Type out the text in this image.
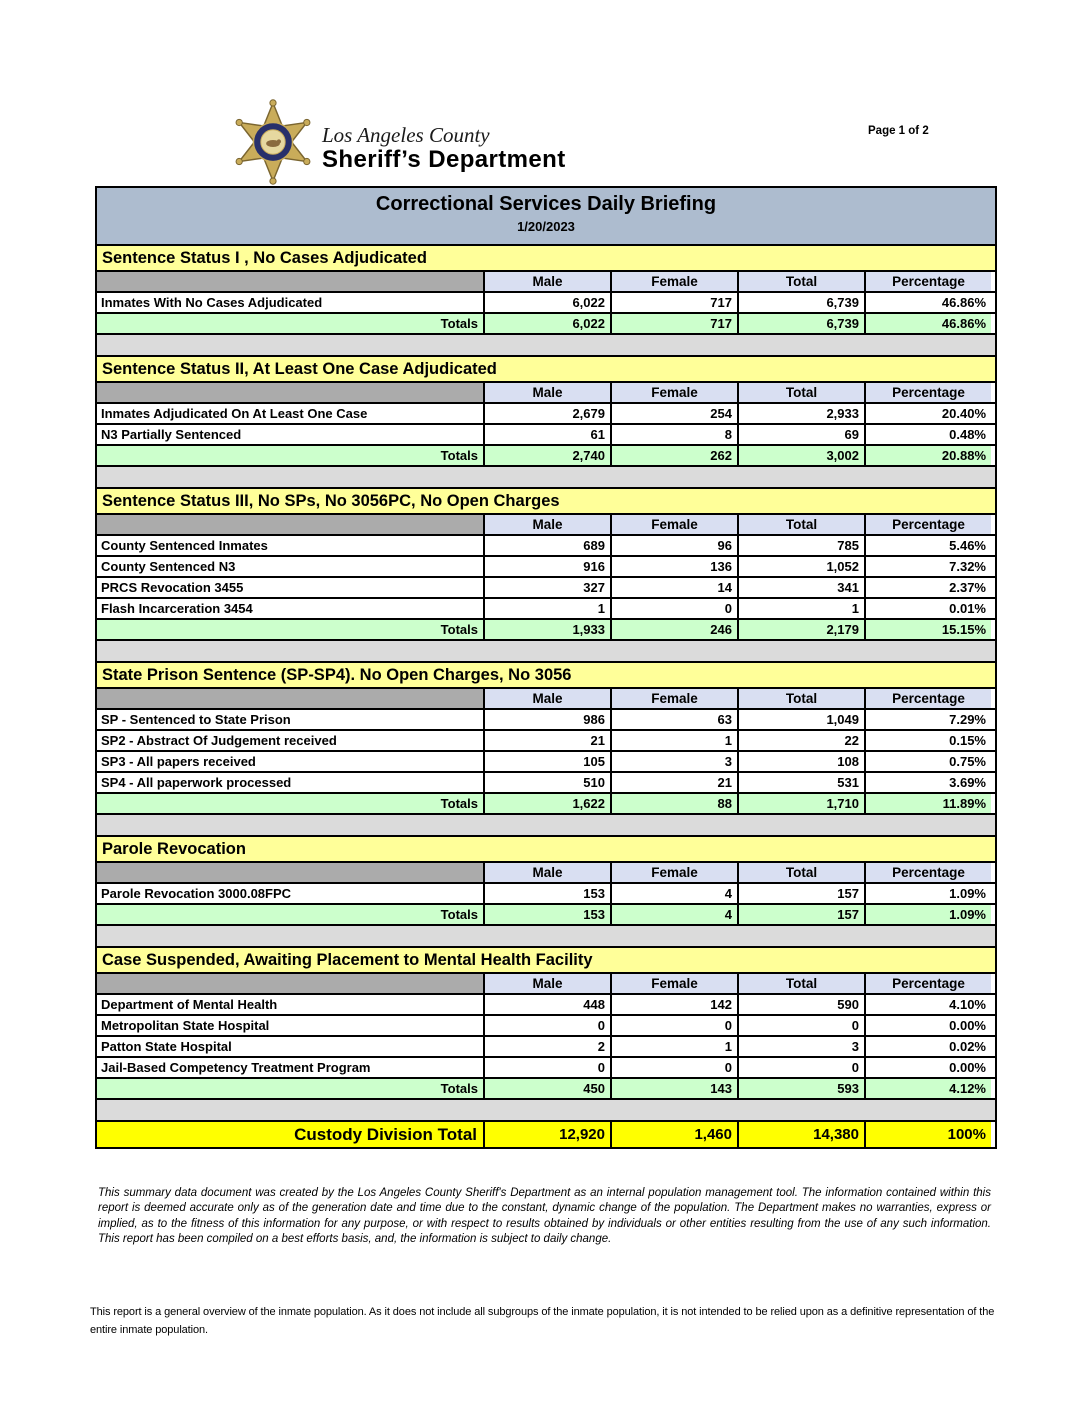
Los Angeles County
Sheriff’s Department
Page 1 of 2
Correctional Services Daily Briefing
1/20/2023
Sentence Status I , No Cases Adjudicated
Male	Female	Total	Percentage
Inmates With No Cases Adjudicated	6,022	717	6,739	46.86%
Totals	6,022	717	6,739	46.86%
Sentence Status II, At Least One Case Adjudicated
Male	Female	Total	Percentage
Inmates Adjudicated On At Least One Case	2,679	254	2,933	20.40%
N3 Partially Sentenced	61	8	69	0.48%
Totals	2,740	262	3,002	20.88%
Sentence Status III, No SPs, No 3056PC, No Open Charges
Male	Female	Total	Percentage
County Sentenced Inmates	689	96	785	5.46%
County Sentenced N3	916	136	1,052	7.32%
PRCS Revocation 3455	327	14	341	2.37%
Flash Incarceration 3454	1	0	1	0.01%
Totals	1,933	246	2,179	15.15%
State Prison Sentence (SP-SP4). No Open Charges, No 3056
Male	Female	Total	Percentage
SP - Sentenced to State Prison	986	63	1,049	7.29%
SP2 - Abstract Of Judgement received	21	1	22	0.15%
SP3 - All papers received	105	3	108	0.75%
SP4 - All paperwork processed	510	21	531	3.69%
Totals	1,622	88	1,710	11.89%
Parole Revocation
Male	Female	Total	Percentage
Parole Revocation 3000.08FPC	153	4	157	1.09%
Totals	153	4	157	1.09%
Case Suspended, Awaiting Placement to Mental Health Facility
Male	Female	Total	Percentage
Department of Mental Health	448	142	590	4.10%
Metropolitan State Hospital	0	0	0	0.00%
Patton State Hospital	2	1	3	0.02%
Jail-Based Competency Treatment Program	0	0	0	0.00%
Totals	450	143	593	4.12%
Custody Division Total	12,920	1,460	14,380	100%
This summary data document was created by the Los Angeles County Sheriff's Department as an internal population management tool. The information contained within this report is deemed accurate only as of the generation date and time due to the constant, dynamic change of the population. The Department makes no warranties, express or implied, as to the fitness of this information for any purpose, or with respect to results obtained by individuals or other entities resulting from the use of any such information. This report has been compiled on a best efforts basis, and, the information is subject to daily change.
This report is a general overview of the inmate population. As it does not include all subgroups of the inmate population, it is not intended to be relied upon as a definitive representation of the entire inmate population.
